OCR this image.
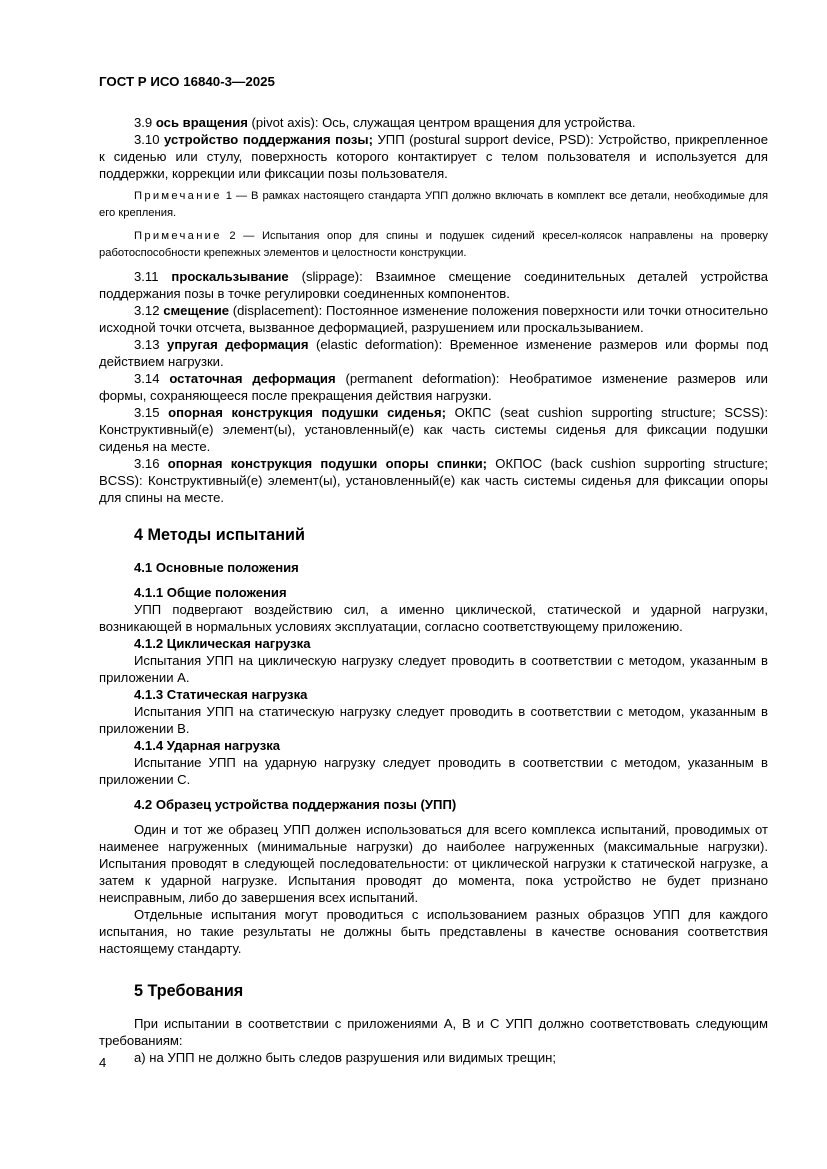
ГОСТ Р ИСО 16840-3—2025

3.9 ось вращения (pivot axis): Ось, служащая центром вращения для устройства.

3.10 устройство поддержания позы; УПП (postural support device, PSD): Устройство, прикрепленное к сиденью или стулу, поверхность которого контактирует с телом пользователя и используется для поддержки, коррекции или фиксации позы пользователя.

Примечание 1 — В рамках настоящего стандарта УПП должно включать в комплект все детали, необходимые для его крепления.

Примечание 2 — Испытания опор для спины и подушек сидений кресел-колясок направлены на проверку работоспособности крепежных элементов и целостности конструкции.

3.11 проскальзывание (slippage): Взаимное смещение соединительных деталей устройства поддержания позы в точке регулировки соединенных компонентов.

3.12 смещение (displacement): Постоянное изменение положения поверхности или точки относительно исходной точки отсчета, вызванное деформацией, разрушением или проскальзыванием.

3.13 упругая деформация (elastic deformation): Временное изменение размеров или формы под действием нагрузки.

3.14 остаточная деформация (permanent deformation): Необратимое изменение размеров или формы, сохраняющееся после прекращения действия нагрузки.

3.15 опорная конструкция подушки сиденья; ОКПС (seat cushion supporting structure; SCSS): Конструктивный(е) элемент(ы), установленный(е) как часть системы сиденья для фиксации подушки сиденья на месте.

3.16 опорная конструкция подушки опоры спинки; ОКПОС (back cushion supporting structure; BCSS): Конструктивный(е) элемент(ы), установленный(е) как часть системы сиденья для фиксации опоры для спины на месте.

4 Методы испытаний
4.1 Основные положения
4.1.1 Общие положения

УПП подвергают воздействию сил, а именно циклической, статической и ударной нагрузки, возникающей в нормальных условиях эксплуатации, согласно соответствующему приложению.

4.1.2 Циклическая нагрузка

Испытания УПП на циклическую нагрузку следует проводить в соответствии с методом, указанным в приложении А.

4.1.3 Статическая нагрузка

Испытания УПП на статическую нагрузку следует проводить в соответствии с методом, указанным в приложении В.

4.1.4 Ударная нагрузка

Испытание УПП на ударную нагрузку следует проводить в соответствии с методом, указанным в приложении С.

4.2 Образец устройства поддержания позы (УПП)

Один и тот же образец УПП должен использоваться для всего комплекса испытаний, проводимых от наименее нагруженных (минимальные нагрузки) до наиболее нагруженных (максимальные нагрузки). Испытания проводят в следующей последовательности: от циклической нагрузки к статической нагрузке, а затем к ударной нагрузке. Испытания проводят до момента, пока устройство не будет признано неисправным, либо до завершения всех испытаний.

Отдельные испытания могут проводиться с использованием разных образцов УПП для каждого испытания, но такие результаты не должны быть представлены в качестве основания соответствия настоящему стандарту.

5 Требования

При испытании в соответствии с приложениями А, В и С УПП должно соответствовать следующим требованиям:

а) на УПП не должно быть следов разрушения или видимых трещин;

4
